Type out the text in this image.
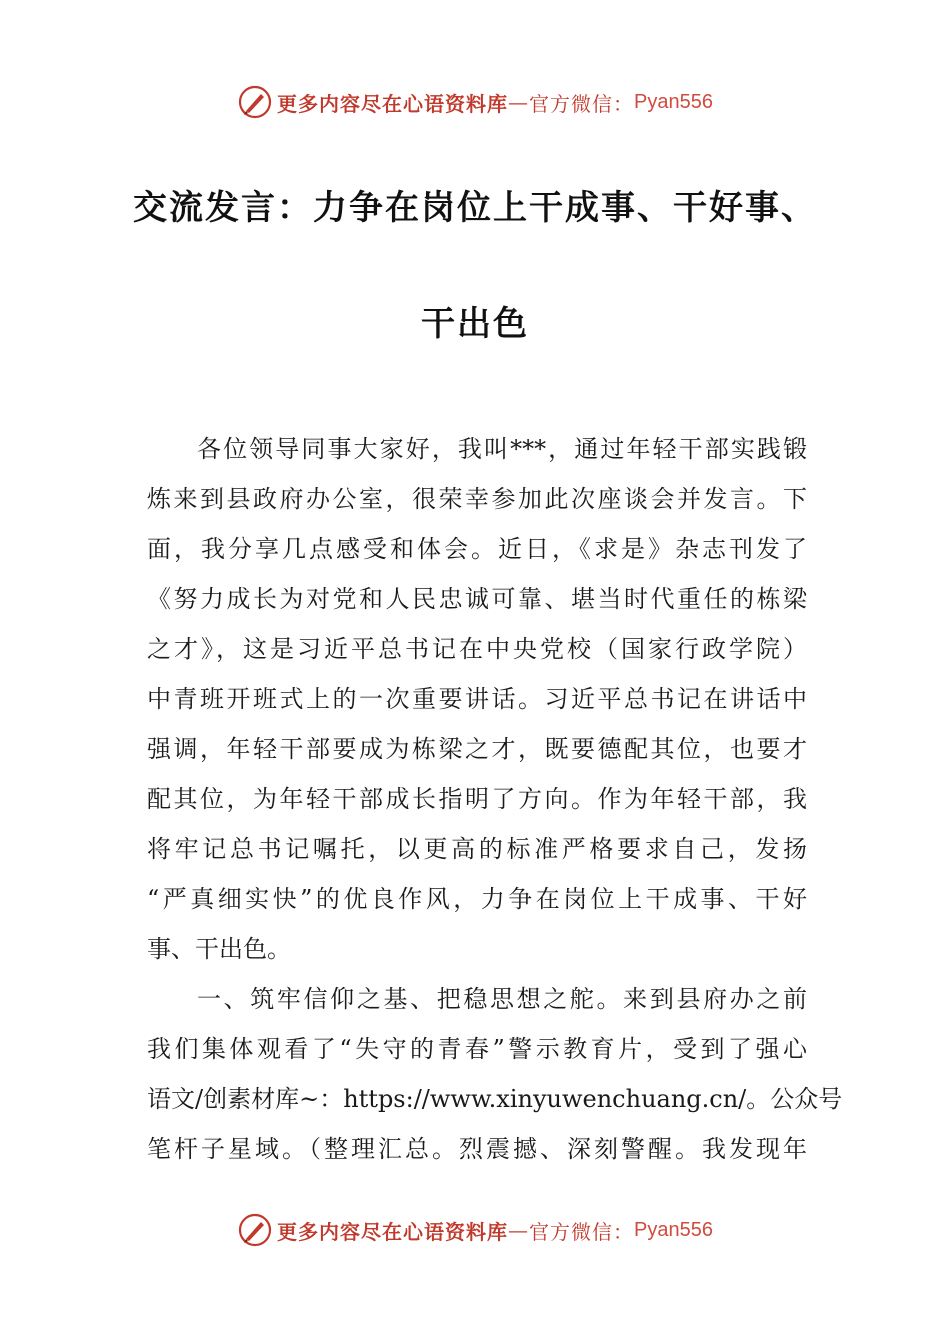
更多内容尽在心语资料库 — 官方微信： Pyan556
交流发言：力争在岗位上干成事、干好事、
干出色
各位领导同事大家好，我叫***，通过年轻干部实践锻
炼来到县政府办公室，很荣幸参加此次座谈会并发言。下
面，我分享几点感受和体会。近日，《求是》杂志刊发了
《努力成长为对党和人民忠诚可靠、堪当时代重任的栋梁
之才》，这是习近平总书记在中央党校（国家行政学院）
中青班开班式上的一次重要讲话。习近平总书记在讲话中
强调，年轻干部要成为栋梁之才，既要德配其位，也要才
配其位，为年轻干部成长指明了方向。作为年轻干部，我
将牢记总书记嘱托，以更高的标准严格要求自己，发扬
“严真细实快”的优良作风，力争在岗位上干成事、干好
事、干出色。
一、筑牢信仰之基、把稳思想之舵。来到县府办之前
我们集体观看了“失守的青春”警示教育片，受到了强心
语文/创素材库~：https://www.xinyuwenchuang.cn/。公众号
笔杆子星域。（整理汇总。烈震撼、深刻警醒。我发现年
更多内容尽在心语资料库 — 官方微信： Pyan556
